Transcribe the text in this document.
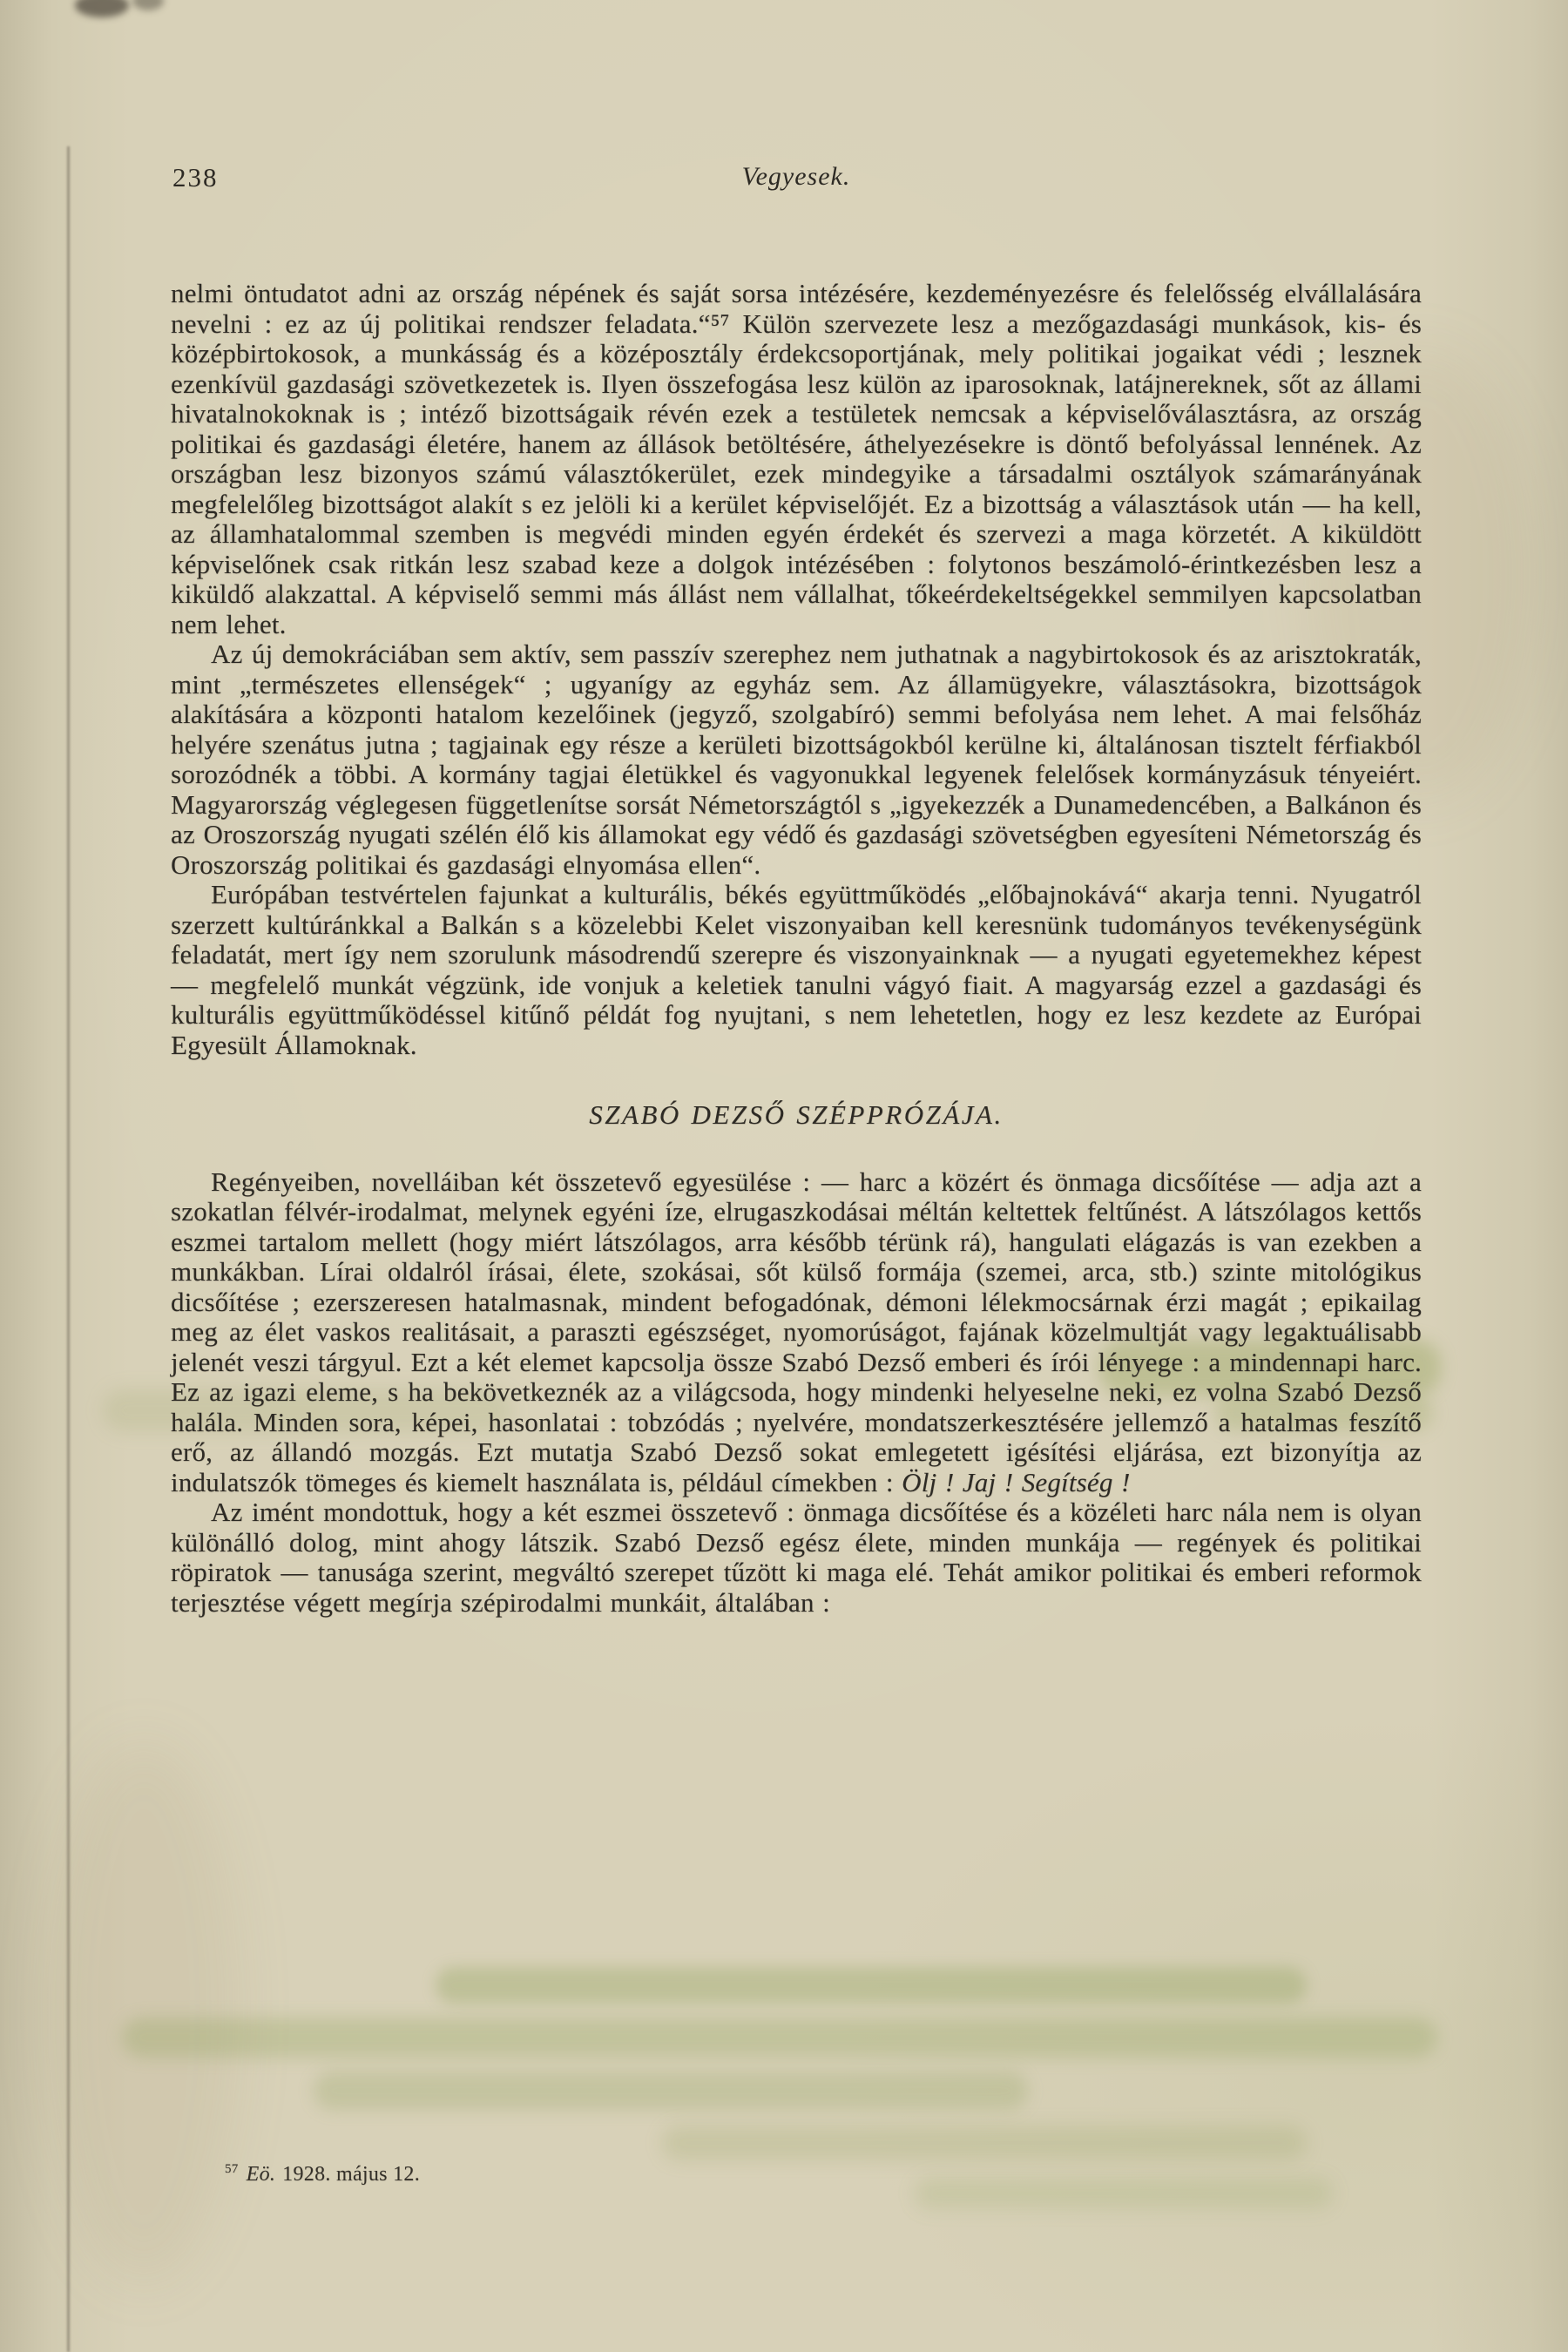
238	Vegyesek.

nelmi öntudatot adni az ország népének és saját sorsa intézésére, kezdeményezésre és felelősség elvállalására nevelni : ez az új politikai rendszer feladata.“⁵⁷ Külön szervezete lesz a mezőgazdasági munkások, kis- és középbirtokosok, a munkásság és a középosztály érdekcsoportjának, mely politikai jogaikat védi ; lesznek ezenkívül gazdasági szövetkezetek is. Ilyen összefogása lesz külön az iparosoknak, latájnereknek, sőt az állami hivatalnokoknak is ; intéző bizottságaik révén ezek a testületek nemcsak a képviselőválasztásra, az ország politikai és gazdasági életére, hanem az állások betöltésére, áthelyezésekre is döntő befolyással lennének. Az országban lesz bizonyos számú választókerület, ezek mindegyike a társadalmi osztályok számarányának megfelelőleg bizottságot alakít s ez jelöli ki a kerület képviselőjét. Ez a bizottság a választások után — ha kell, az államhatalommal szemben is megvédi minden egyén érdekét és szervezi a maga körzetét. A kiküldött képviselőnek csak ritkán lesz szabad keze a dolgok intézésében : folytonos beszámoló-érintkezésben lesz a kiküldő alakzattal. A képviselő semmi más állást nem vállalhat, tőkeérdekeltségekkel semmilyen kapcsolatban nem lehet.

Az új demokráciában sem aktív, sem passzív szerephez nem juthatnak a nagybirtokosok és az arisztokraták, mint „természetes ellenségek“ ; ugyanígy az egyház sem. Az államügyekre, választásokra, bizottságok alakítására a központi hatalom kezelőinek (jegyző, szolgabíró) semmi befolyása nem lehet. A mai felsőház helyére szenátus jutna ; tagjainak egy része a kerületi bizottságokból kerülne ki, általánosan tisztelt férfiakból sorozódnék a többi. A kormány tagjai életükkel és vagyonukkal legyenek felelősek kormányzásuk tényeiért. Magyarország véglegesen függetlenítse sorsát Németországtól s „igyekezzék a Dunamedencében, a Balkánon és az Oroszország nyugati szélén élő kis államokat egy védő és gazdasági szövetségben egyesíteni Németország és Oroszország politikai és gazdasági elnyomása ellen“.

Európában testvértelen fajunkat a kulturális, békés együttműködés „előbajnokává“ akarja tenni. Nyugatról szerzett kultúránkkal a Balkán s a közelebbi Kelet viszonyaiban kell keresnünk tudományos tevékenységünk feladatát, mert így nem szorulunk másodrendű szerepre és viszonyainknak — a nyugati egyetemekhez képest — megfelelő munkát végzünk, ide vonjuk a keletiek tanulni vágyó fiait. A magyarság ezzel a gazdasági és kulturális együttműködéssel kitűnő példát fog nyujtani, s nem lehetetlen, hogy ez lesz kezdete az Európai Egyesült Államoknak.

SZABÓ DEZSŐ SZÉPPRÓZÁJA.

Regényeiben, novelláiban két összetevő egyesülése : — harc a közért és önmaga dicsőítése — adja azt a szokatlan félvér-irodalmat, melynek egyéni íze, elrugaszkodásai méltán keltettek feltűnést. A látszólagos kettős eszmei tartalom mellett (hogy miért látszólagos, arra később térünk rá), hangulati elágazás is van ezekben a munkákban. Lírai oldalról írásai, élete, szokásai, sőt külső formája (szemei, arca, stb.) szinte mitológikus dicsőítése ; ezerszeresen hatalmasnak, mindent befogadónak, démoni lélekmocsárnak érzi magát ; epikailag meg az élet vaskos realitásait, a paraszti egészséget, nyomorúságot, fajának közelmultját vagy legaktuálisabb jelenét veszi tárgyul. Ezt a két elemet kapcsolja össze Szabó Dezső emberi és írói lényege : a mindennapi harc. Ez az igazi eleme, s ha bekövetkeznék az a világcsoda, hogy mindenki helyeselne neki, ez volna Szabó Dezső halála. Minden sora, képei, hasonlatai : tobzódás ; nyelvére, mondatszerkesztésére jellemző a hatalmas feszítő erő, az állandó mozgás. Ezt mutatja Szabó Dezső sokat emlegetett igésítési eljárása, ezt bizonyítja az indulatszók tömeges és kiemelt használata is, például címekben : Ölj ! Jaj ! Segítség !

Az imént mondottuk, hogy a két eszmei összetevő : önmaga dicsőítése és a közéleti harc nála nem is olyan különálló dolog, mint ahogy látszik. Szabó Dezső egész élete, minden munkája — regények és politikai röpiratok — tanusága szerint, megváltó szerepet tűzött ki maga elé. Tehát amikor politikai és emberi reformok terjesztése végett megírja szépirodalmi munkáit, általában :

$^{57}$ Eö. 1928. május 12.
